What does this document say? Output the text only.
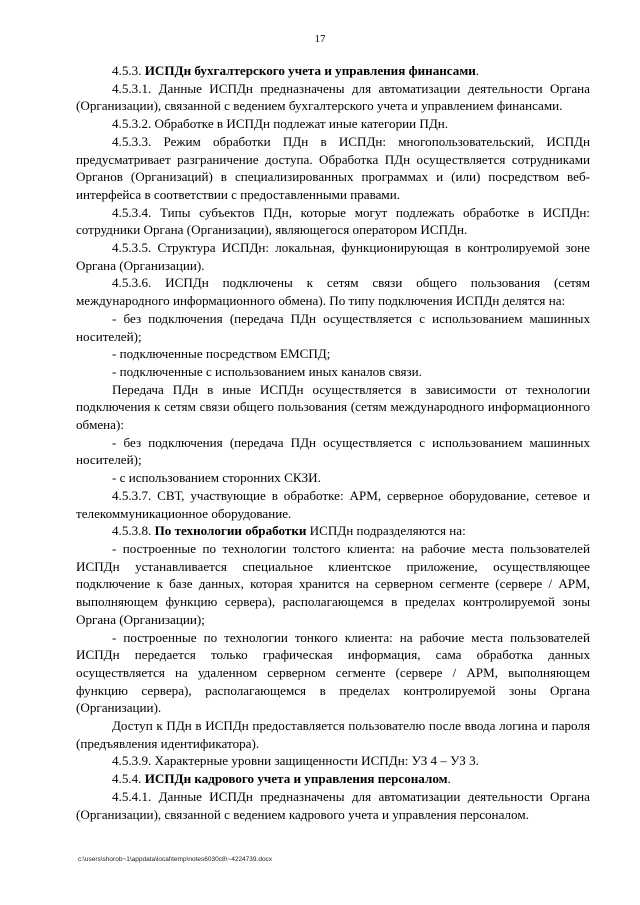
17

4.5.3. ИСПДн бухгалтерского учета и управления финансами.

4.5.3.1. Данные ИСПДн предназначены для автоматизации деятельности Органа (Организации), связанной с ведением бухгалтерского учета и управлением финансами.

4.5.3.2. Обработке в ИСПДн подлежат иные категории ПДн.

4.5.3.3. Режим обработки ПДн в ИСПДн: многопользовательский, ИСПДн предусматривает разграничение доступа. Обработка ПДн осуществляется сотрудниками Органов (Организаций) в специализированных программах и (или) посредством веб-интерфейса в соответствии с предоставленными правами.

4.5.3.4. Типы субъектов ПДн, которые могут подлежать обработке в ИСПДн: сотрудники Органа (Организации), являющегося оператором ИСПДн.

4.5.3.5. Структура ИСПДн: локальная, функционирующая в контролируемой зоне Органа (Организации).

4.5.3.6. ИСПДн подключены к сетям связи общего пользования (сетям международного информационного обмена). По типу подключения ИСПДн делятся на:

- без подключения (передача ПДн осуществляется с использованием машинных носителей);

- подключенные посредством ЕМСПД;

- подключенные с использованием иных каналов связи.

Передача ПДн в иные ИСПДн осуществляется в зависимости от технологии подключения к сетям связи общего пользования (сетям международного информационного обмена):

- без подключения (передача ПДн осуществляется с использованием машинных носителей);

- с использованием сторонних СКЗИ.

4.5.3.7. СВТ, участвующие в обработке: АРМ, серверное оборудование, сетевое и телекоммуникационное оборудование.

4.5.3.8. По технологии обработки ИСПДн подразделяются на:

- построенные по технологии толстого клиента: на рабочие места пользователей ИСПДн устанавливается специальное клиентское приложение, осуществляющее подключение к базе данных, которая хранится на серверном сегменте (сервере / АРМ, выполняющем функцию сервера), располагающемся в пределах контролируемой зоны Органа (Организации);

- построенные по технологии тонкого клиента: на рабочие места пользователей ИСПДн передается только графическая информация, сама обработка данных осуществляется на удаленном серверном сегменте (сервере / АРМ, выполняющем функцию сервера), располагающемся в пределах контролируемой зоны Органа (Организации).

Доступ к ПДн в ИСПДн предоставляется пользователю после ввода логина и пароля (предъявления идентификатора).

4.5.3.9. Характерные уровни защищенности ИСПДн: УЗ 4 – УЗ 3.

4.5.4. ИСПДн кадрового учета и управления персоналом.

4.5.4.1. Данные ИСПДн предназначены для автоматизации деятельности Органа (Организации), связанной с ведением кадрового учета и управления персоналом.

c:\users\shorob~1\appdata\local\temp\notes6030c8\~4224739.docx
